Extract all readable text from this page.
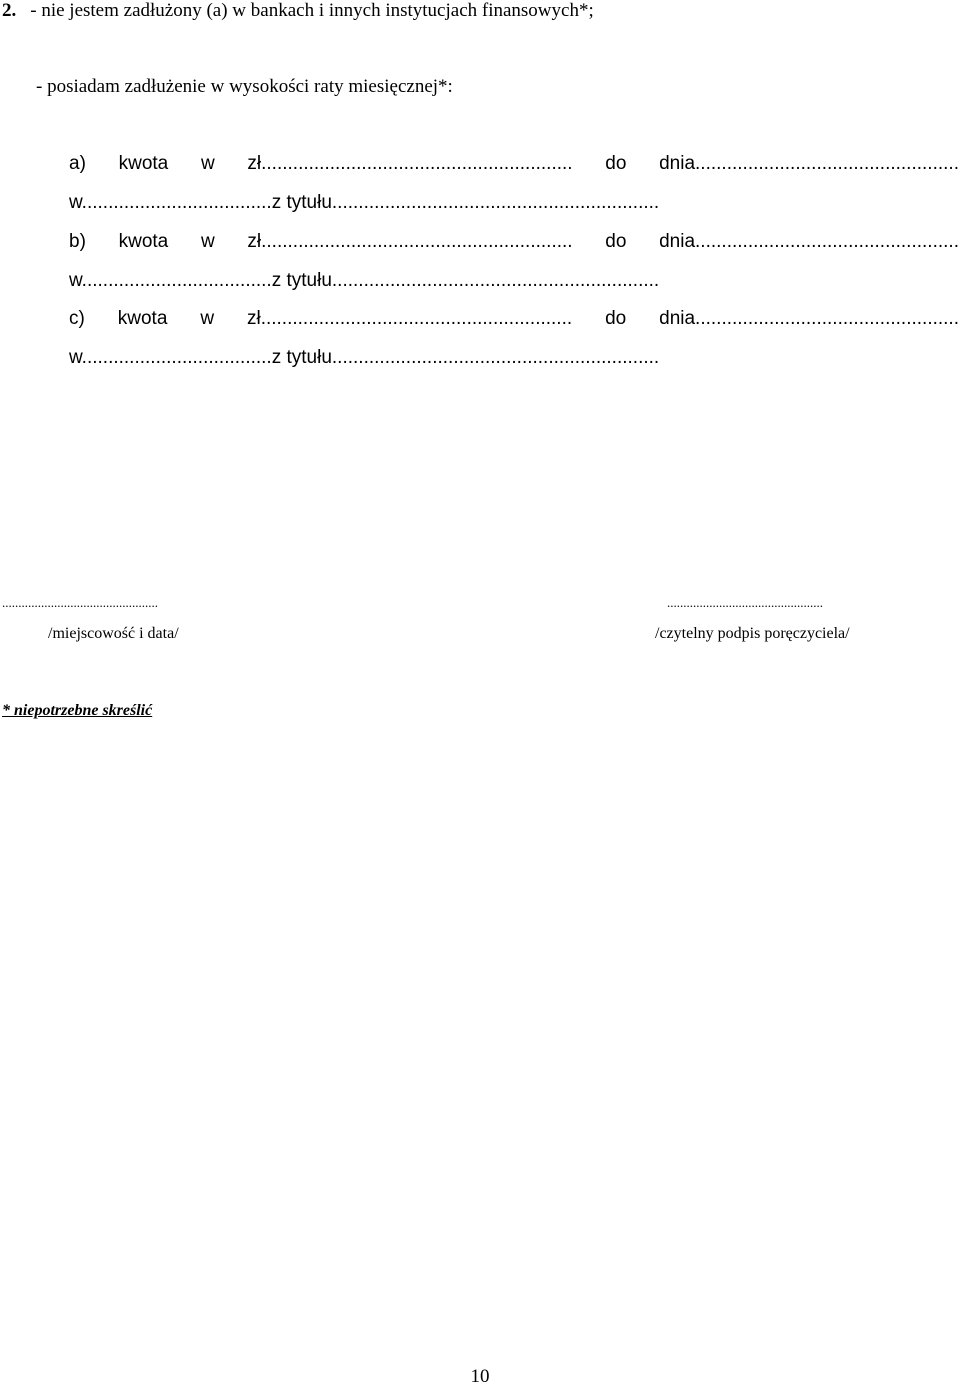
2. - nie jestem zadłużony (a) w bankach i innych instytucjach finansowych*;
- posiadam zadłużenie w wysokości raty miesięcznej*:
a) kwota w zł........................................................... do dnia..................................................
w....................................z tytułu..............................................................
b) kwota w zł........................................................... do dnia..................................................
w....................................z tytułu..............................................................
c) kwota w zł........................................................... do dnia..................................................
w....................................z tytułu..............................................................
................................................
/miejscowość i data/
................................................
/czytelny podpis poręczyciela/
* niepotrzebne skreślić
10
